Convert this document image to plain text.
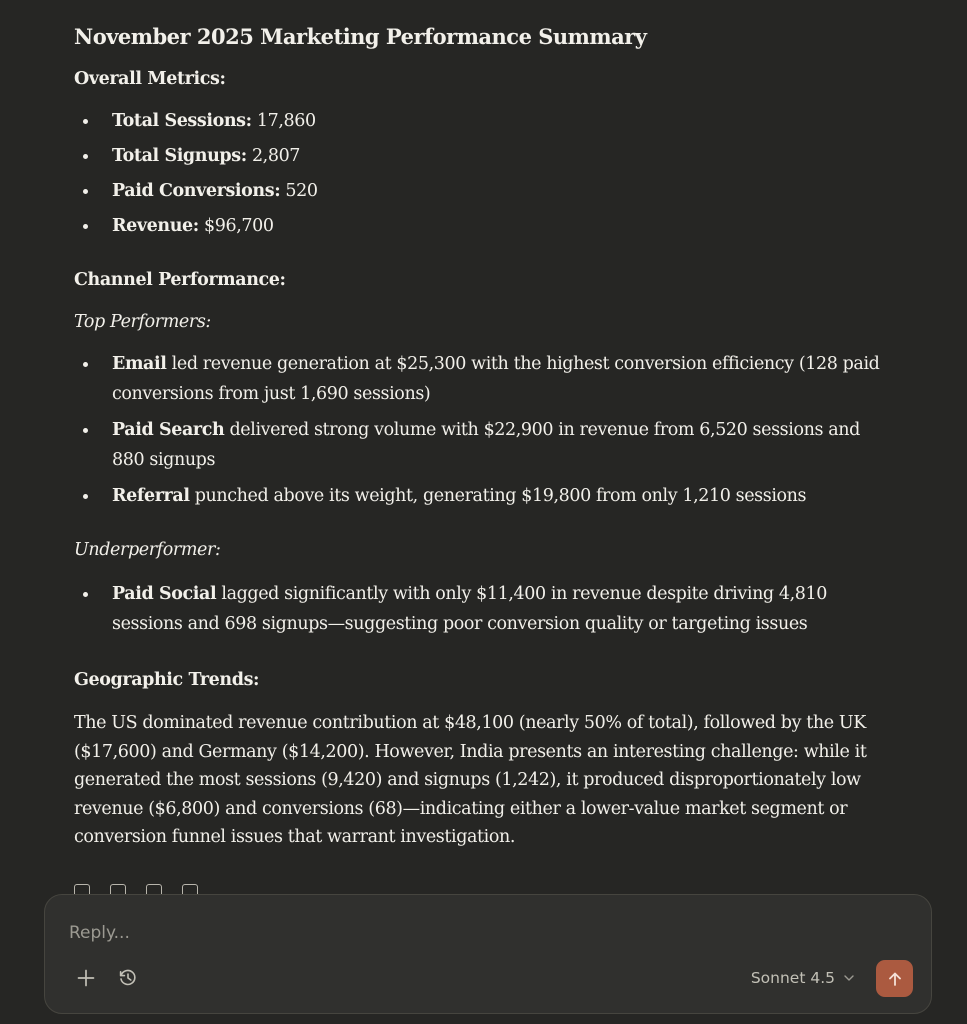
November 2025 Marketing Performance Summary
Overall Metrics:
Total Sessions: 17,860
Total Signups: 2,807
Paid Conversions: 520
Revenue: $96,700
Channel Performance:
Top Performers:
Email led revenue generation at $25,300 with the highest conversion efficiency (128 paid conversions from just 1,690 sessions)
Paid Search delivered strong volume with $22,900 in revenue from 6,520 sessions and 880 signups
Referral punched above its weight, generating $19,800 from only 1,210 sessions
Underperformer:
Paid Social lagged significantly with only $11,400 in revenue despite driving 4,810 sessions and 698 signups—suggesting poor conversion quality or targeting issues
Geographic Trends:

The US dominated revenue contribution at $48,100 (nearly 50% of total), followed by the UK ($17,600) and Germany ($14,200). However, India presents an interesting challenge: while it generated the most sessions (9,420) and signups (1,242), it produced disproportionately low revenue ($6,800) and conversions (68)—indicating either a lower-value market segment or conversion funnel issues that warrant investigation.

Reply...
Sonnet 4.5
